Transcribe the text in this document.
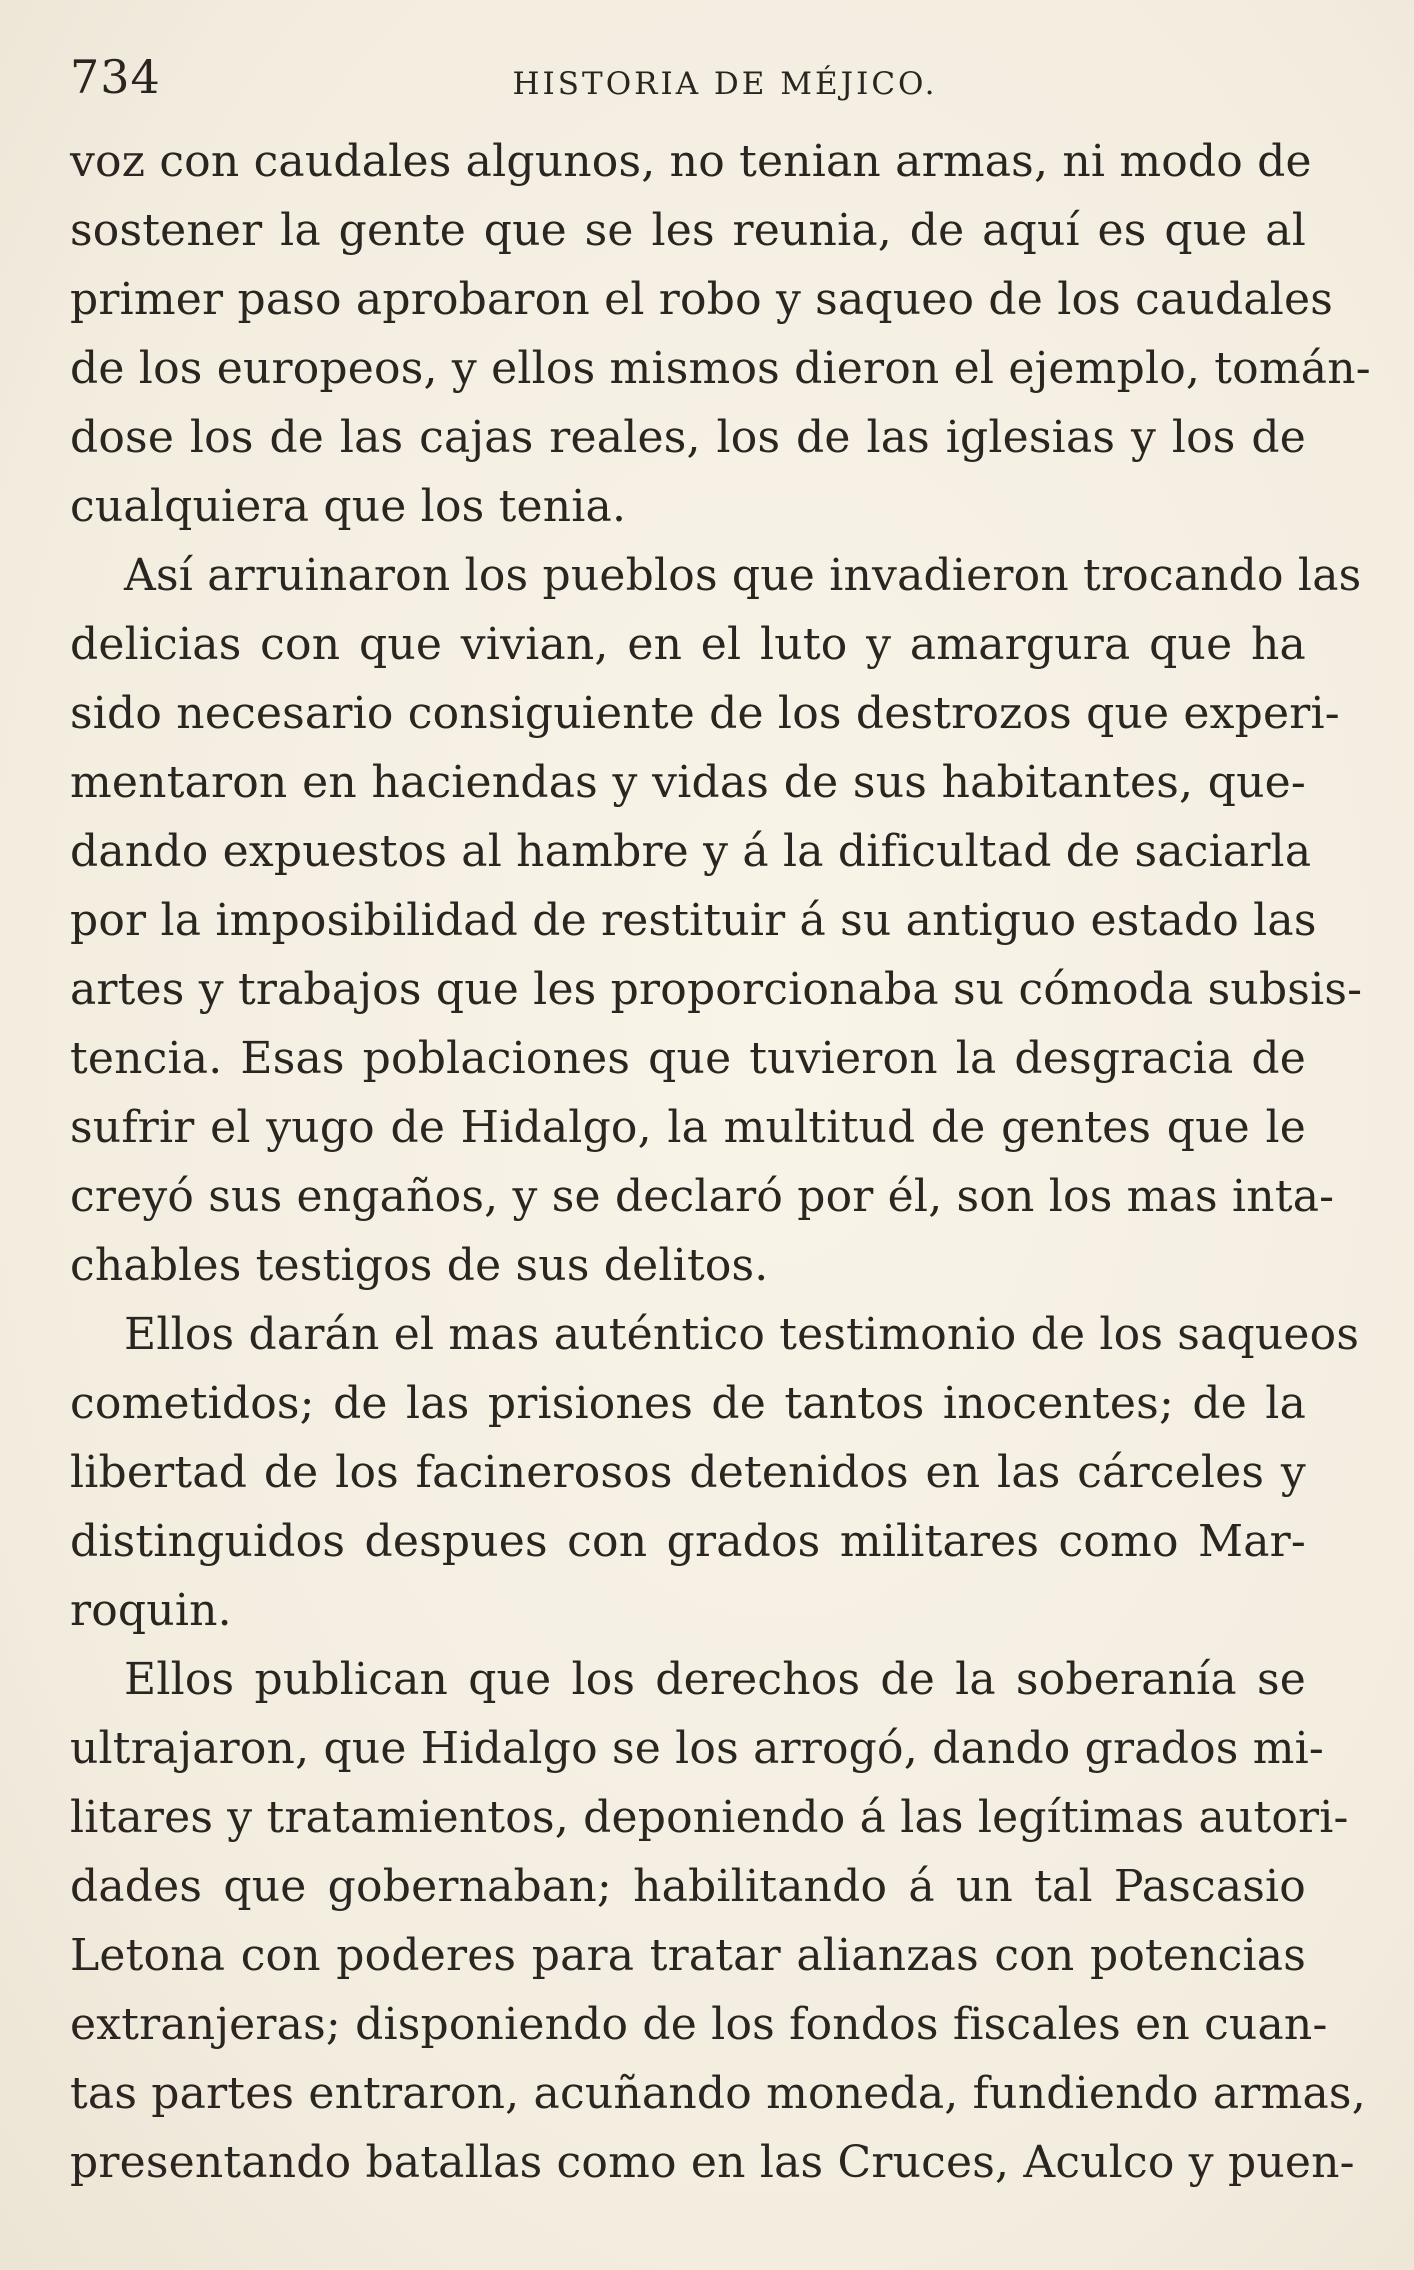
734	HISTORIA DE MÉJICO.
voz con caudales algunos, no tenian armas, ni modo de
sostener la gente que se les reunia, de aquí es que al
primer paso aprobaron el robo y saqueo de los caudales
de los europeos, y ellos mismos dieron el ejemplo, tomán-
dose los de las cajas reales, los de las iglesias y los de
cualquiera que los tenia.
Así arruinaron los pueblos que invadieron trocando las
delicias con que vivian, en el luto y amargura que ha
sido necesario consiguiente de los destrozos que experi-
mentaron en haciendas y vidas de sus habitantes, que-
dando expuestos al hambre y á la dificultad de saciarla
por la imposibilidad de restituir á su antiguo estado las
artes y trabajos que les proporcionaba su cómoda subsis-
tencia. Esas poblaciones que tuvieron la desgracia de
sufrir el yugo de Hidalgo, la multitud de gentes que le
creyó sus engaños, y se declaró por él, son los mas inta-
chables testigos de sus delitos.
Ellos darán el mas auténtico testimonio de los saqueos
cometidos; de las prisiones de tantos inocentes; de la
libertad de los facinerosos detenidos en las cárceles y
distinguidos despues con grados militares como Mar-
roquin.
Ellos publican que los derechos de la soberanía se
ultrajaron, que Hidalgo se los arrogó, dando grados mi-
litares y tratamientos, deponiendo á las legítimas autori-
dades que gobernaban; habilitando á un tal Pascasio
Letona con poderes para tratar alianzas con potencias
extranjeras; disponiendo de los fondos fiscales en cuan-
tas partes entraron, acuñando moneda, fundiendo armas,
presentando batallas como en las Cruces, Aculco y puen-
